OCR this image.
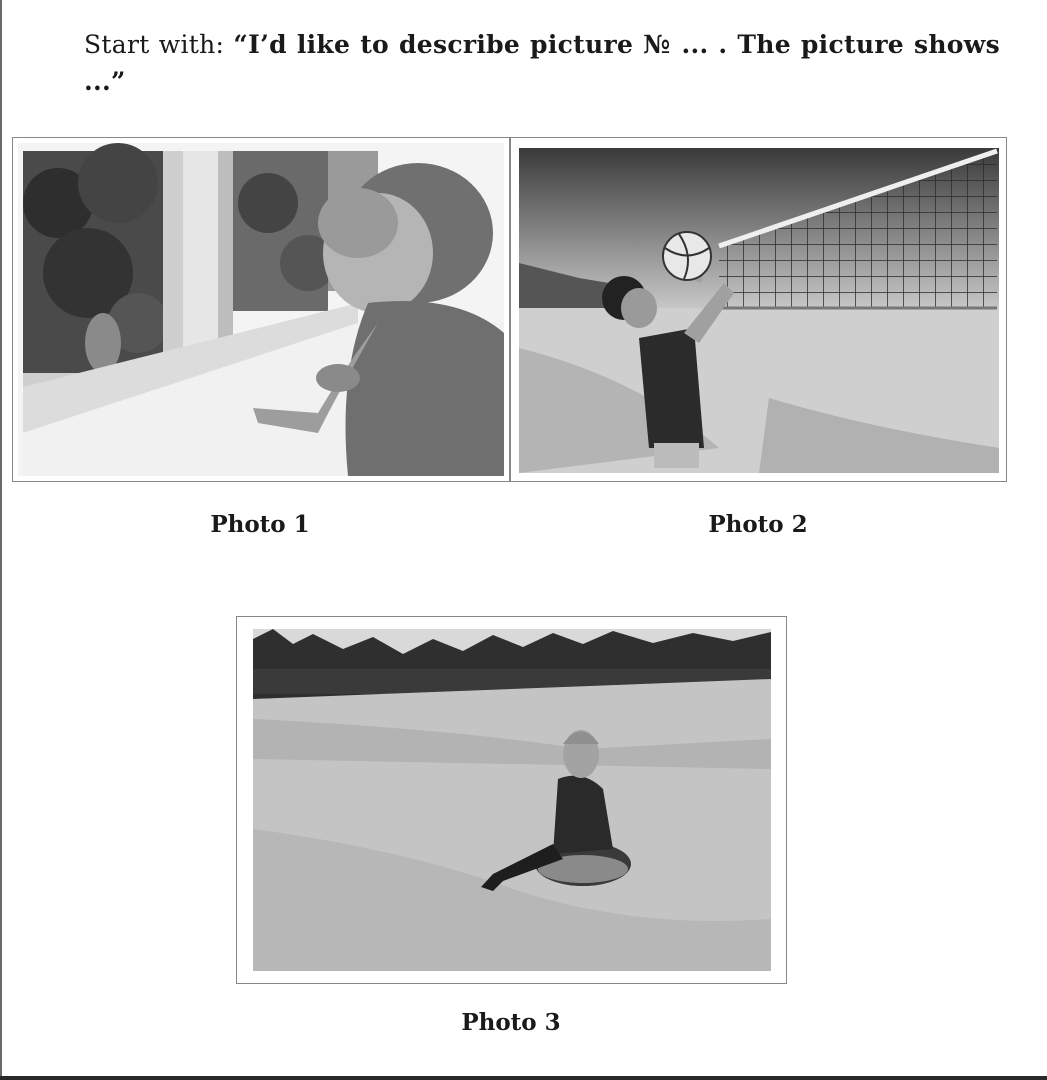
Start with: “I’d like to describe picture № ... . The picture shows ...”

Photo 1	Photo 2
Photo 3
